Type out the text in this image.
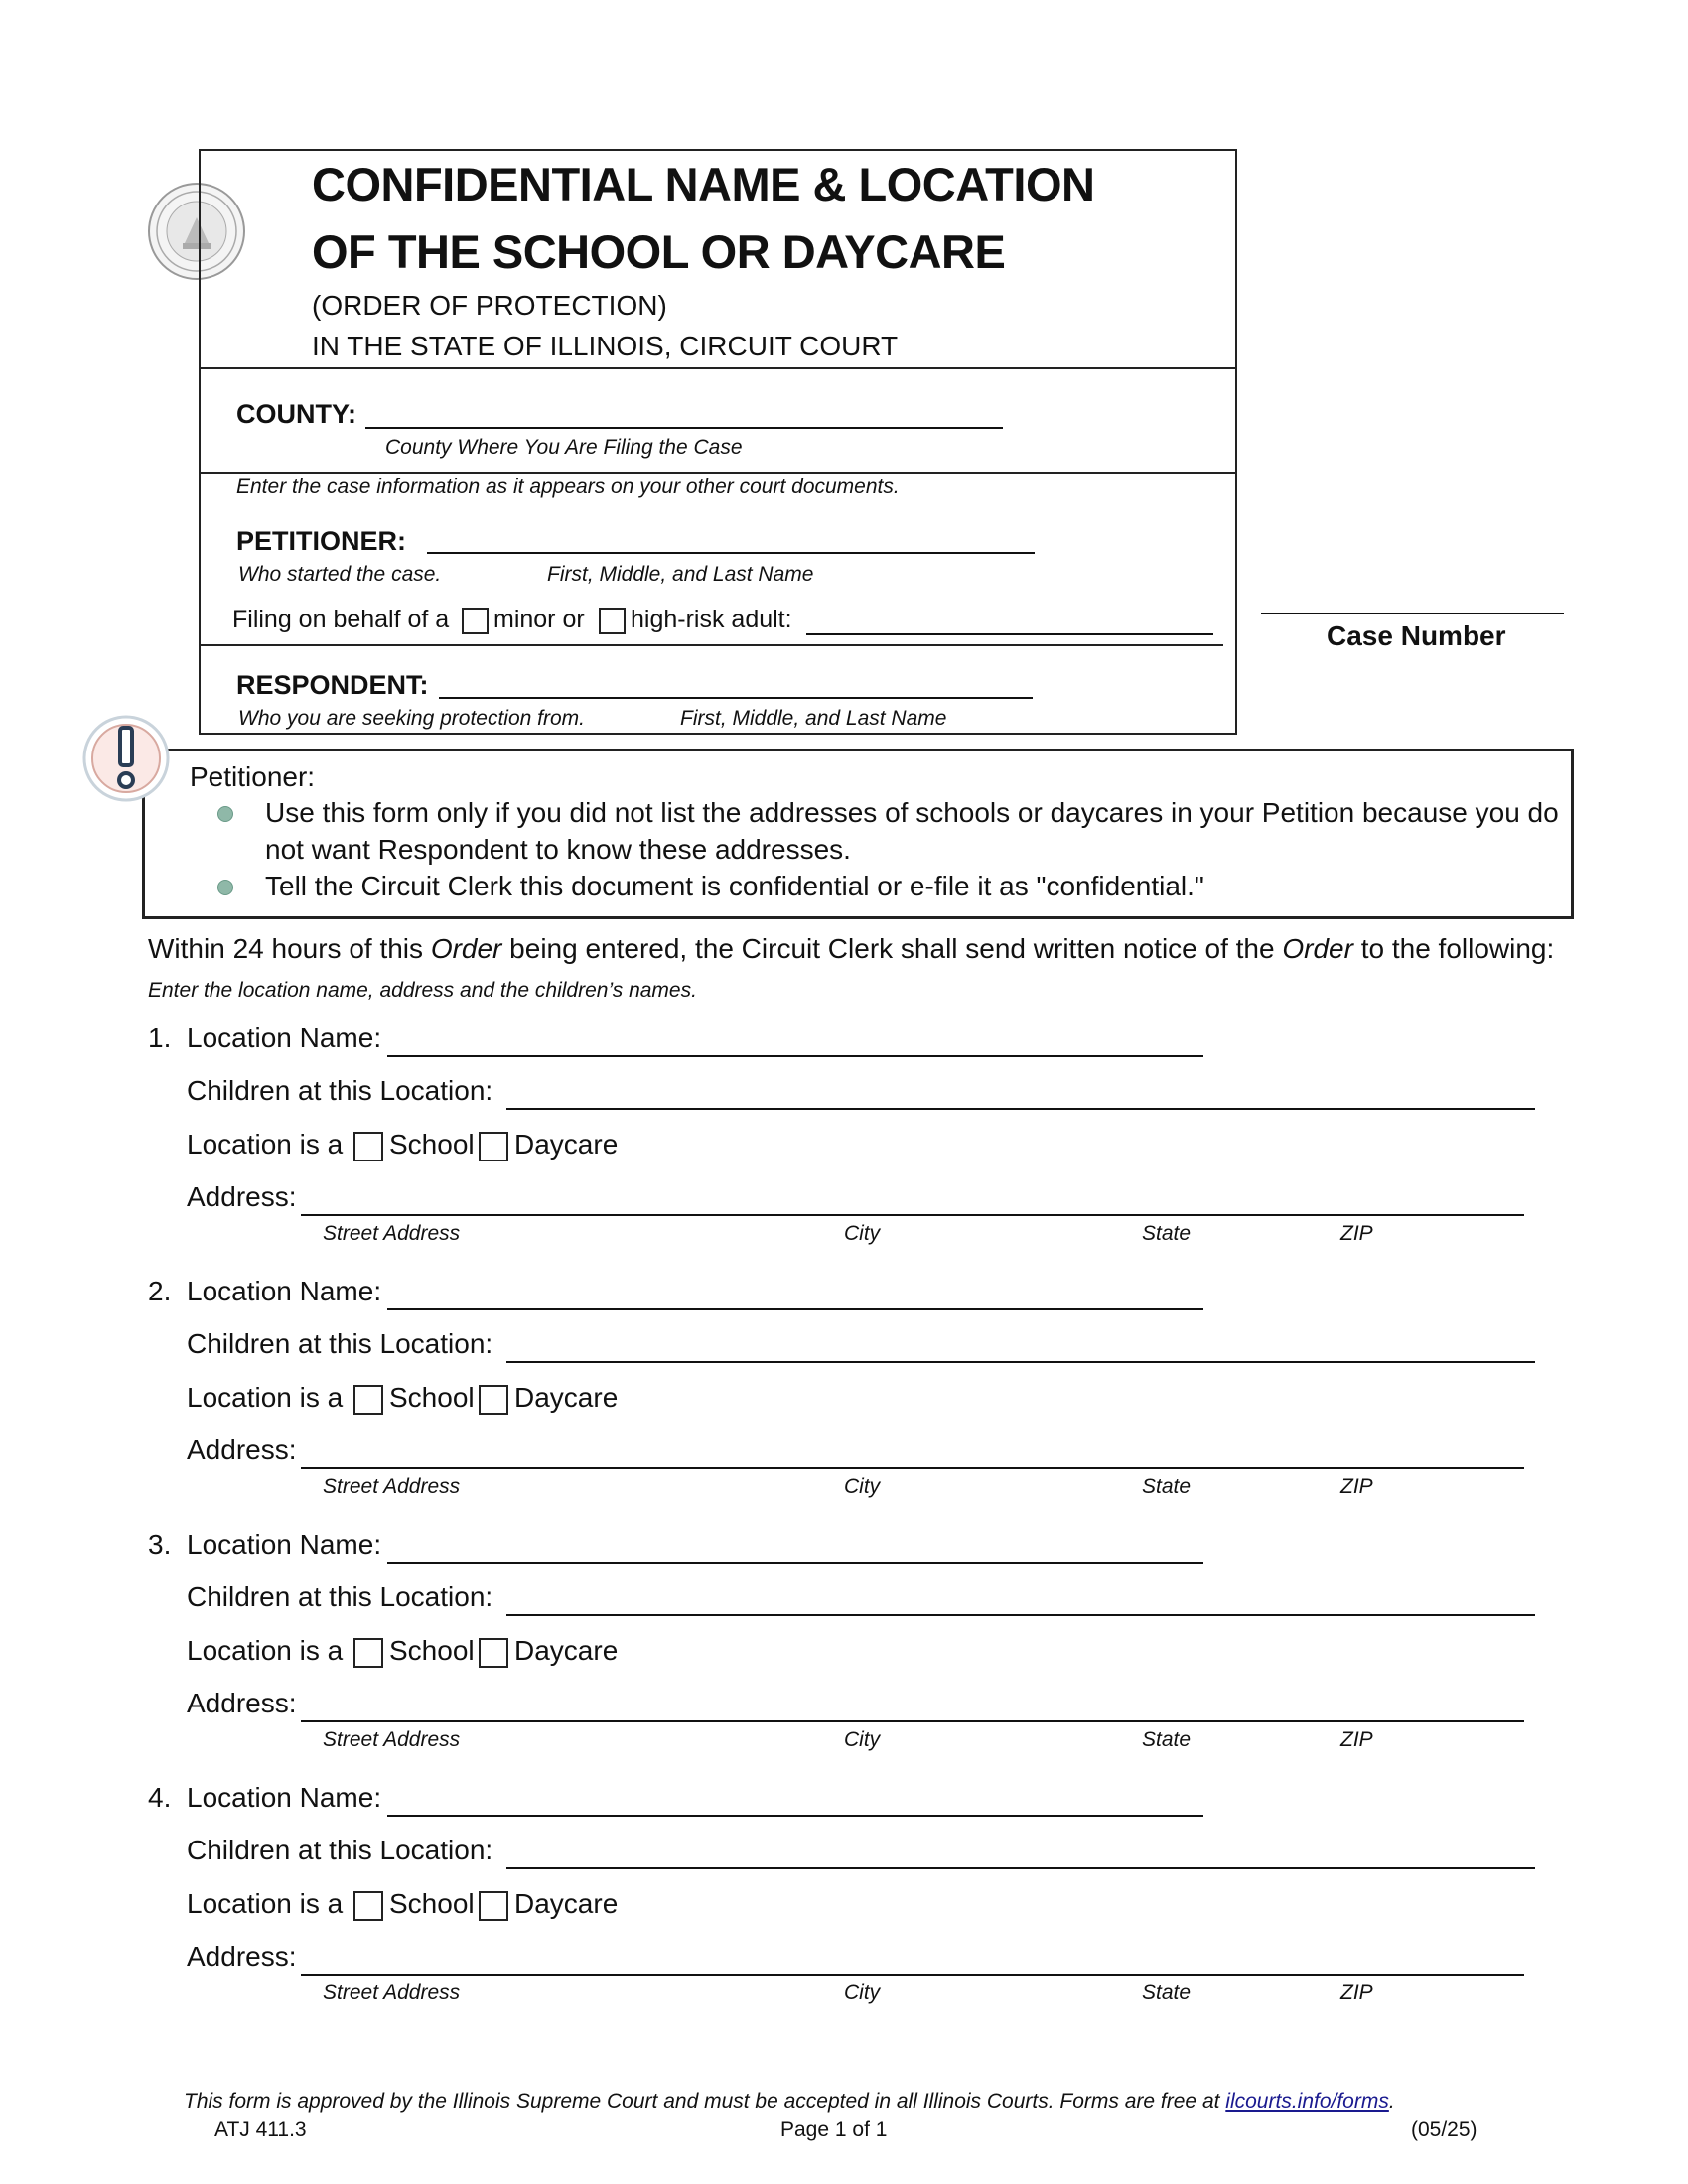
CONFIDENTIAL NAME & LOCATION
OF THE SCHOOL OR DAYCARE
(ORDER OF PROTECTION)
IN THE STATE OF ILLINOIS, CIRCUIT COURT
COUNTY:
County Where You Are Filing the Case
Enter the case information as it appears on your other court documents.
PETITIONER:
Who started the case.	First, Middle, and Last Name
Filing on behalf of a minor or high-risk adult:
RESPONDENT:
Who you are seeking protection from.	First, Middle, and Last Name
Case Number
Petitioner:
Use this form only if you did not list the addresses of schools or daycares in your Petition because you do
not want Respondent to know these addresses.
Tell the Circuit Clerk this document is confidential or e-file it as "confidential."
Within 24 hours of this Order being entered, the Circuit Clerk shall send written notice of the Order to the following:
Enter the location name, address and the children’s names.
1. Location Name:
Children at this Location:
Location is a School Daycare
Address:
Street Address	City	State	ZIP
2. Location Name:
Children at this Location:
Location is a School Daycare
Address:
Street Address	City	State	ZIP
3. Location Name:
Children at this Location:
Location is a School Daycare
Address:
Street Address	City	State	ZIP
4. Location Name:
Children at this Location:
Location is a School Daycare
Address:
Street Address	City	State	ZIP
This form is approved by the Illinois Supreme Court and must be accepted in all Illinois Courts. Forms are free at ilcourts.info/forms.
ATJ 411.3	Page 1 of 1	(05/25)
